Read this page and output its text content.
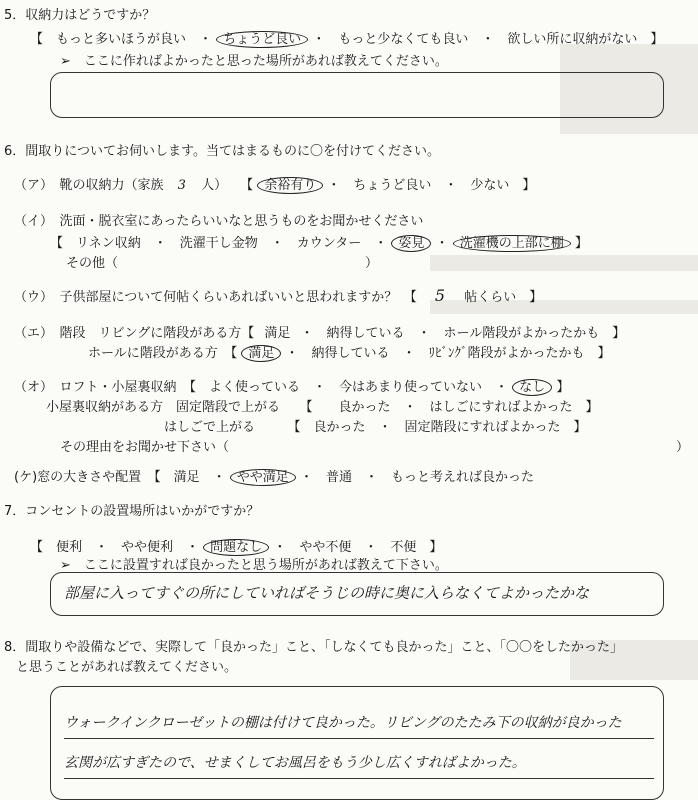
5．収納力はどうですか？
【　もっと多いほうが良い　・ ちょうど良い ・　もっと少なくても良い　・　欲しい所に収納がない　】
➢　ここに作ればよかったと思った場所があれば教えてください。
6．間取りについてお伺いします。当てはまるものに〇を付けてください。
（ア）　靴の収納力（家族 3 人）　　【 余裕有り ・　ちょうど良い　・　少ない　】
（イ）　洗面・脱衣室にあったらいいなと思うものをお聞かせください
【　リネン収納　・　洗濯干し金物　・　カウンター　・ 姿見 ・ 洗濯機の上部に棚 】
その他（　　　　　　　　　　　　　　　　　　　）
（ウ）　子供部屋について何帖くらいあればいいと思われますか？　【 5 帖くらい　】
（エ）　階段　リビングに階段がある方【 満足 ・　納得している　・　ホール階段がよかったかも　】
ホールに階段がある方　【 満足 ・　納得している　・　ﾘﾋﾞﾝｸﾞ階段がよかったかも　】
（オ）　ロフト・小屋裏収納　【　よく使っている　・　今はあまり使っていない　・ なし 】
小屋裏収納がある方　固定階段で上がる　　【　　良かった　・　はしごにすればよかった　】
はしごで上がる　　　【　良かった　・　固定階段にすればよかった　】
その理由をお聞かせ下さい（	）
(ケ)窓の大きさや配置　【　満足　・ やや満足 ・　普通　・　もっと考えれば良かった
7．コンセントの設置場所はいかがですか？
【　便利　・　やや便利　・ 問題なし ・　やや不便　・　不便　】
➢　ここに設置すれば良かったと思う場所があれば教えて下さい。
部屋に入ってすぐの所にしていればそうじの時に奥に入らなくてよかったかな
8．間取りや設備などで、実際して「良かった」こと、「しなくても良かった」こと、「〇〇をしたかった」
と思うことがあれば教えてください。
ウォークインクローゼットの棚は付けて良かった。リビングのたたみ下の収納が良かった
玄関が広すぎたので、せまくしてお風呂をもう少し広くすればよかった。
